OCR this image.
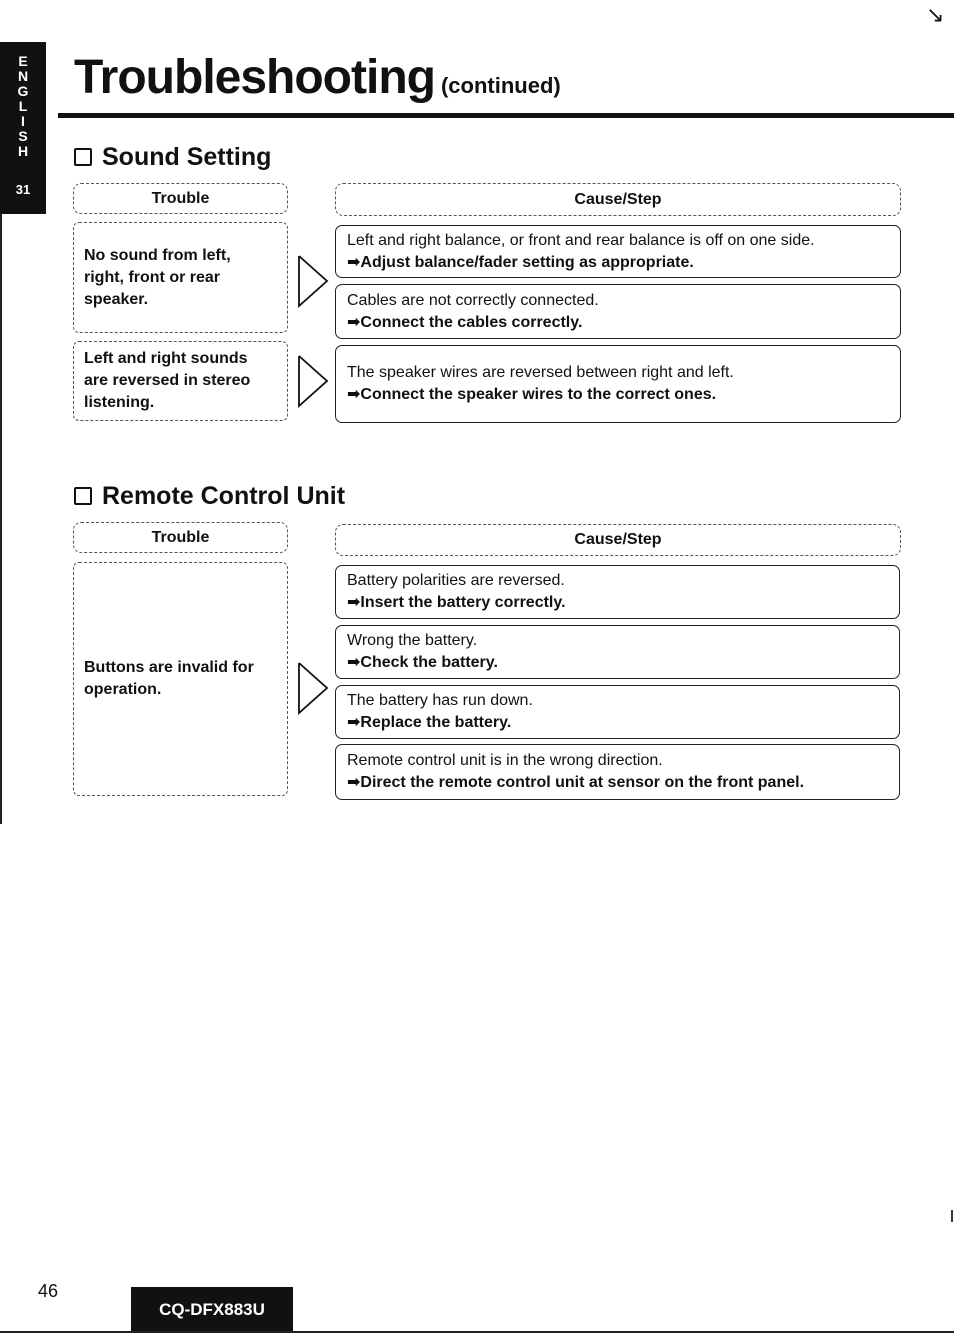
E
N
G
L
I
S
H
31
↘
Troubleshooting (continued)
Sound Setting
Trouble	Cause/Step
No sound from left, right, front or rear speaker.
Left and right balance, or front and rear balance is off on one side.
➡Adjust balance/fader setting as appropriate.
Cables are not correctly connected.
➡Connect the cables correctly.
Left and right sounds are reversed in stereo listening.
The speaker wires are reversed between right and left.
➡Connect the speaker wires to the correct ones.
Remote Control Unit
Trouble	Cause/Step
Buttons are invalid for operation.
Battery polarities are reversed.
➡Insert the battery correctly.
Wrong the battery.
➡Check the battery.
The battery has run down.
➡Replace the battery.
Remote control unit is in the wrong direction.
➡Direct the remote control unit at sensor on the front panel.
46
CQ-DFX883U
